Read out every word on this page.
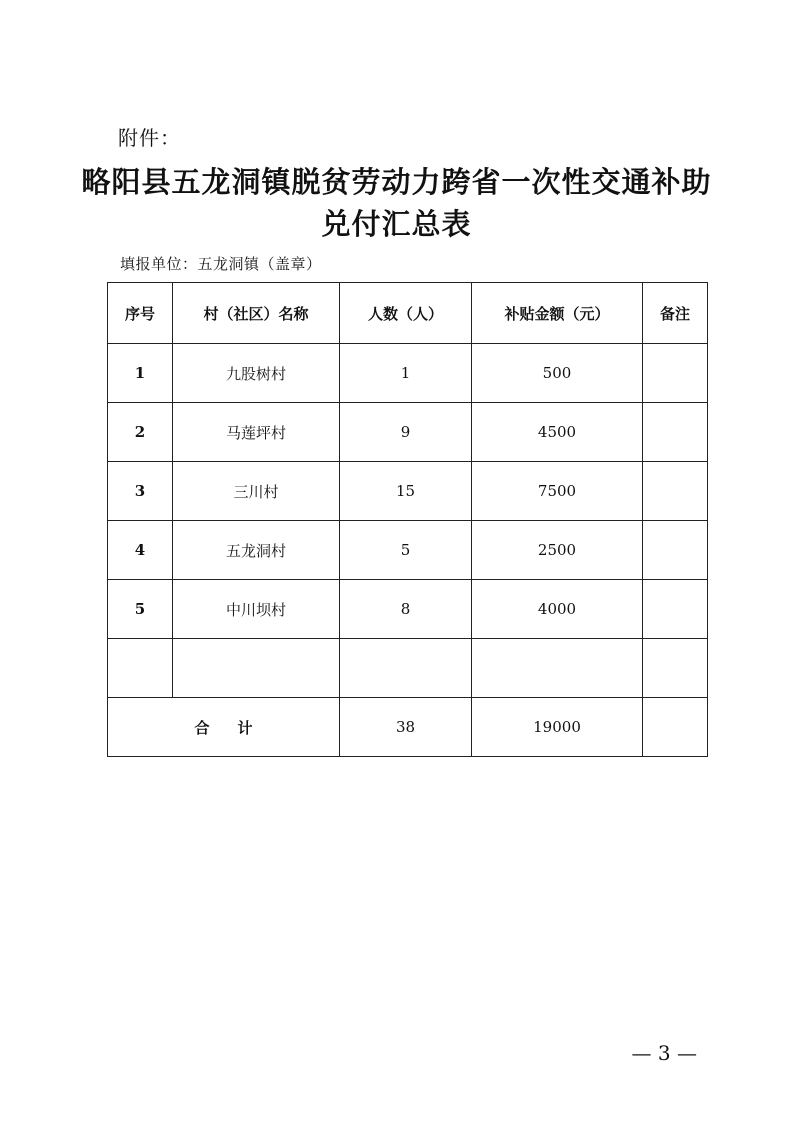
附件：
略阳县五龙洞镇脱贫劳动力跨省一次性交通补助
兑付汇总表
填报单位：五龙洞镇（盖章）
序号	村（社区）名称	人数（人）	补贴金额（元）	备注
1	九股树村	1	500	
2	马莲坪村	9	4500	
3	三川村	15	7500	
4	五龙洞村	5	2500	
5	中川坝村	8	4000	

合 计		38	19000	
— 3 —
